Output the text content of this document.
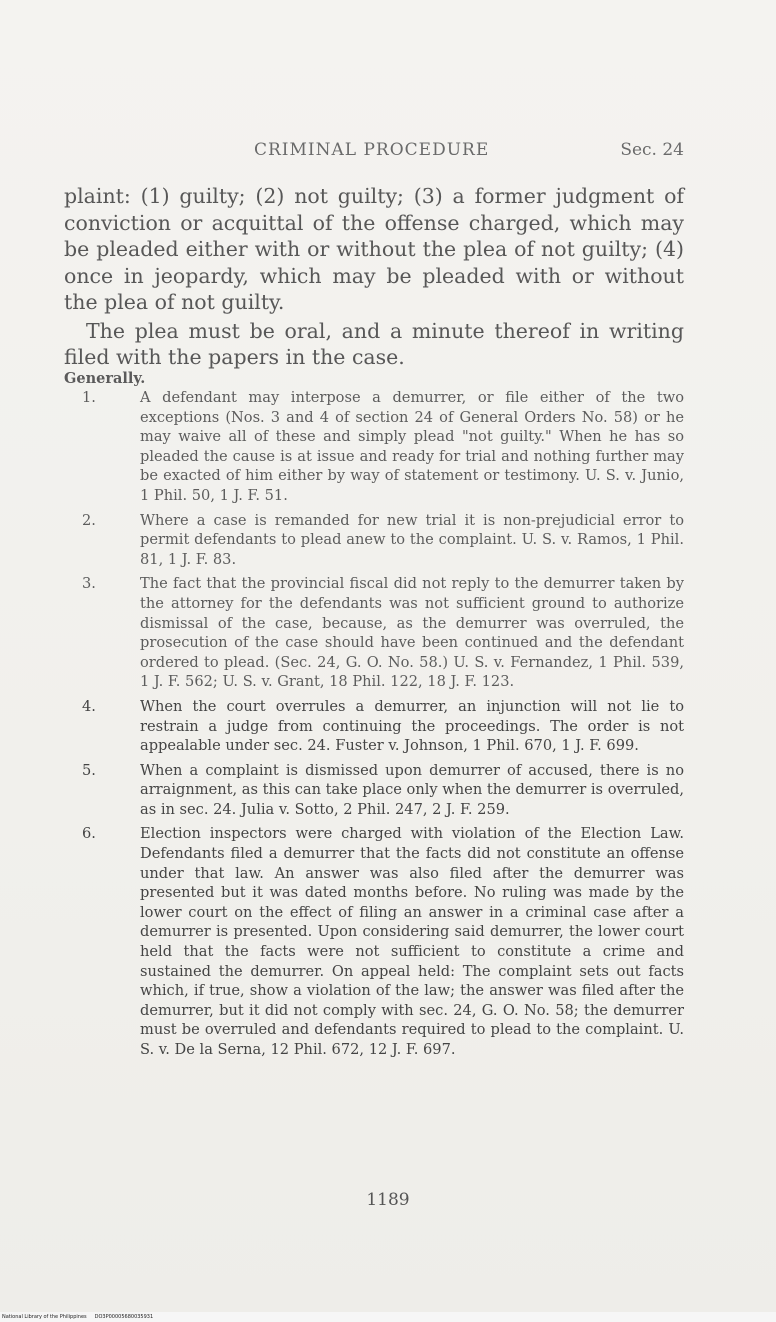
CRIMINAL PROCEDURE	Sec. 24

plaint: (1) guilty; (2) not guilty; (3) a former judgment of conviction or acquittal of the offense charged, which may be pleaded either with or without the plea of not guilty; (4) once in jeopardy, which may be pleaded with or without the plea of not guilty.

The plea must be oral, and a minute thereof in writing filed with the papers in the case.

Generally.
1.	A defendant may interpose a demurrer, or file either of the two exceptions (Nos. 3 and 4 of section 24 of General Orders No. 58) or he may waive all of these and simply plead "not guilty." When he has so pleaded the cause is at issue and ready for trial and nothing further may be exacted of him either by way of statement or testimony. U. S. v. Junio, 1 Phil. 50, 1 J. F. 51.
2.	Where a case is remanded for new trial it is non-prejudicial error to permit defendants to plead anew to the complaint. U. S. v. Ramos, 1 Phil. 81, 1 J. F. 83.
3.	The fact that the provincial fiscal did not reply to the demurrer taken by the attorney for the defendants was not sufficient ground to authorize dismissal of the case, because, as the demurrer was overruled, the prosecution of the case should have been continued and the defendant ordered to plead. (Sec. 24, G. O. No. 58.) U. S. v. Fernandez, 1 Phil. 539, 1 J. F. 562; U. S. v. Grant, 18 Phil. 122, 18 J. F. 123.
4.	When the court overrules a demurrer, an injunction will not lie to restrain a judge from continuing the proceedings. The order is not appealable under sec. 24. Fuster v. Johnson, 1 Phil. 670, 1 J. F. 699.
5.	When a complaint is dismissed upon demurrer of accused, there is no arraignment, as this can take place only when the demurrer is overruled, as in sec. 24. Julia v. Sotto, 2 Phil. 247, 2 J. F. 259.
6.	Election inspectors were charged with violation of the Election Law. Defendants filed a demurrer that the facts did not constitute an offense under that law. An answer was also filed after the demurrer was presented but it was dated months before. No ruling was made by the lower court on the effect of filing an answer in a criminal case after a demurrer is presented. Upon considering said demurrer, the lower court held that the facts were not sufficient to constitute a crime and sustained the demurrer. On appeal held: The complaint sets out facts which, if true, show a violation of the law; the answer was filed after the demurrer, but it did not comply with sec. 24, G. O. No. 58; the demurrer must be overruled and defendants required to plead to the complaint. U. S. v. De la Serna, 12 Phil. 672, 12 J. F. 697.
1189
National Library of the Philippines DO3P00005680035931
